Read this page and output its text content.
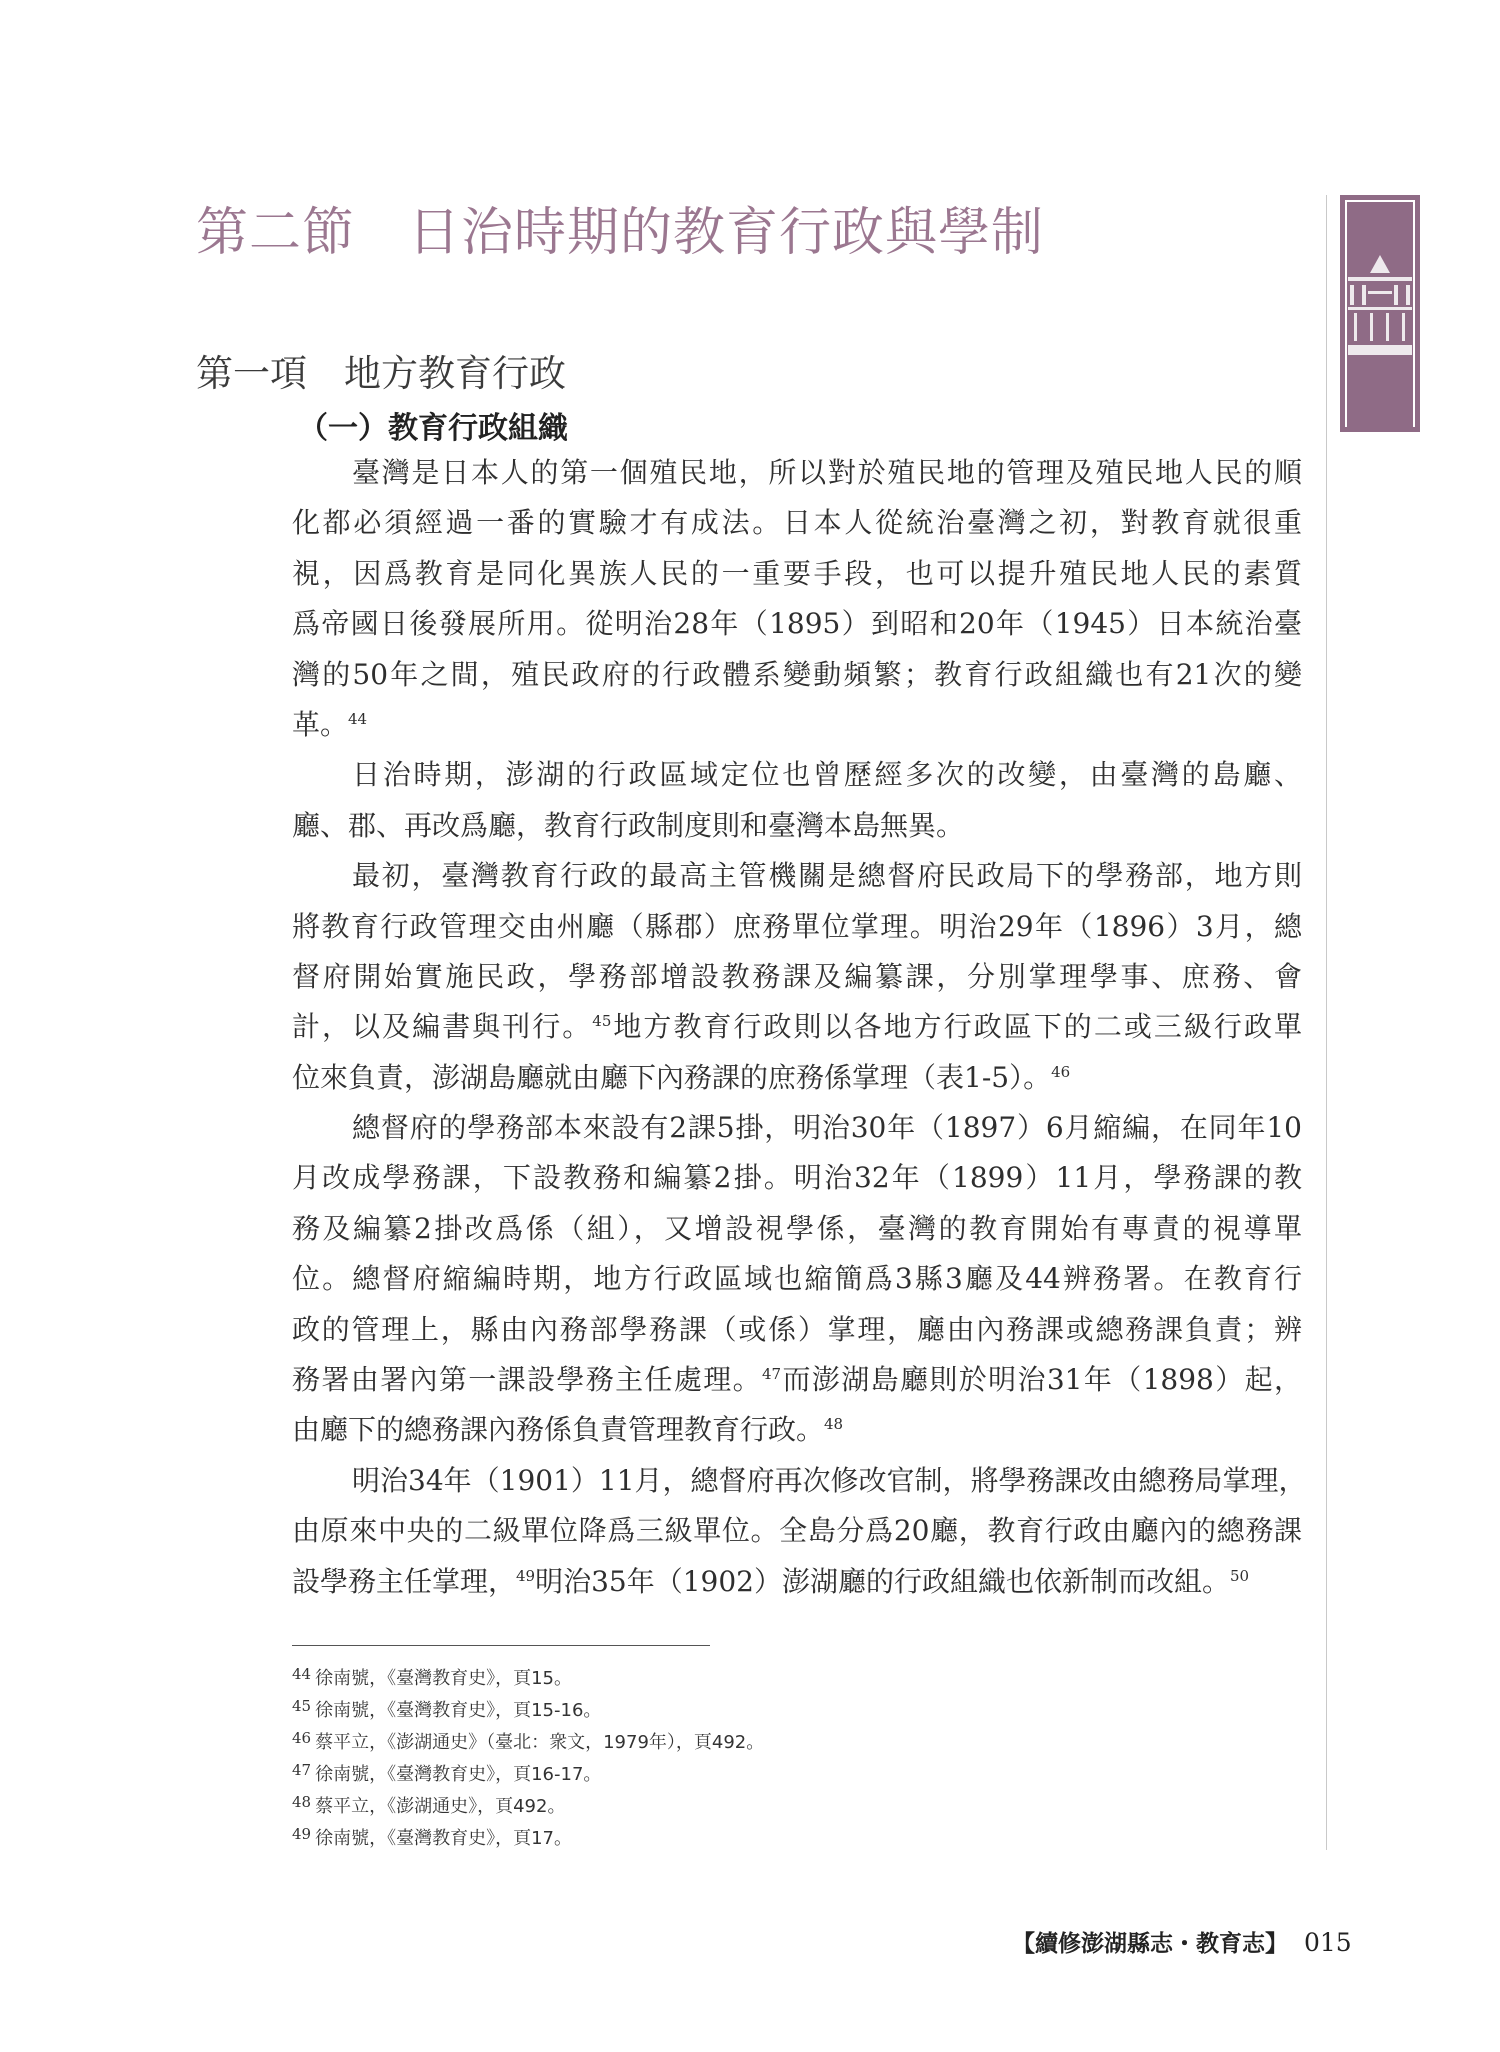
第二節　日治時期的教育行政與學制
第一項　地方教育行政
（一）教育行政組織
臺灣是日本人的第一個殖民地，所以對於殖民地的管理及殖民地人民的順
化都必須經過一番的實驗才有成法。日本人從統治臺灣之初，對教育就很重
視，因爲教育是同化異族人民的一重要手段，也可以提升殖民地人民的素質
爲帝國日後發展所用。從明治28年（1895）到昭和20年（1945）日本統治臺
灣的50年之間，殖民政府的行政體系變動頻繁；教育行政組織也有21次的變
革。$^{44}$
日治時期，澎湖的行政區域定位也曾歷經多次的改變，由臺灣的島廳、
廳、郡、再改爲廳，教育行政制度則和臺灣本島無異。
最初，臺灣教育行政的最高主管機關是總督府民政局下的學務部，地方則
將教育行政管理交由州廳（縣郡）庶務單位掌理。明治29年（1896）3月，總
督府開始實施民政，學務部增設教務課及編纂課，分別掌理學事、庶務、會
計，以及編書與刊行。$^{45}$地方教育行政則以各地方行政區下的二或三級行政單
位來負責，澎湖島廳就由廳下內務課的庶務係掌理（表1-5）。$^{46}$
總督府的學務部本來設有2課5掛，明治30年（1897）6月縮編，在同年10
月改成學務課，下設教務和編纂2掛。明治32年（1899）11月，學務課的教
務及編纂2掛改爲係（組），又增設視學係，臺灣的教育開始有專責的視導單
位。總督府縮編時期，地方行政區域也縮簡爲3縣3廳及44辨務署。在教育行
政的管理上，縣由內務部學務課（或係）掌理，廳由內務課或總務課負責；辨
務署由署內第一課設學務主任處理。$^{47}$而澎湖島廳則於明治31年（1898）起，
由廳下的總務課內務係負責管理教育行政。$^{48}$
明治34年（1901）11月，總督府再次修改官制，將學務課改由總務局掌理，
由原來中央的二級單位降爲三級單位。全島分爲20廳，教育行政由廳內的總務課
設學務主任掌理，$^{49}$明治35年（1902）澎湖廳的行政組織也依新制而改組。$^{50}$
$^{44}$ 徐南號，《臺灣教育史》，頁15。
$^{45}$ 徐南號，《臺灣教育史》，頁15-16。
$^{46}$ 蔡平立，《澎湖通史》（臺北：衆文，1979年），頁492。
$^{47}$ 徐南號，《臺灣教育史》，頁16-17。
$^{48}$ 蔡平立，《澎湖通史》，頁492。
$^{49}$ 徐南號，《臺灣教育史》，頁17。
【續修澎湖縣志・教育志】 015
